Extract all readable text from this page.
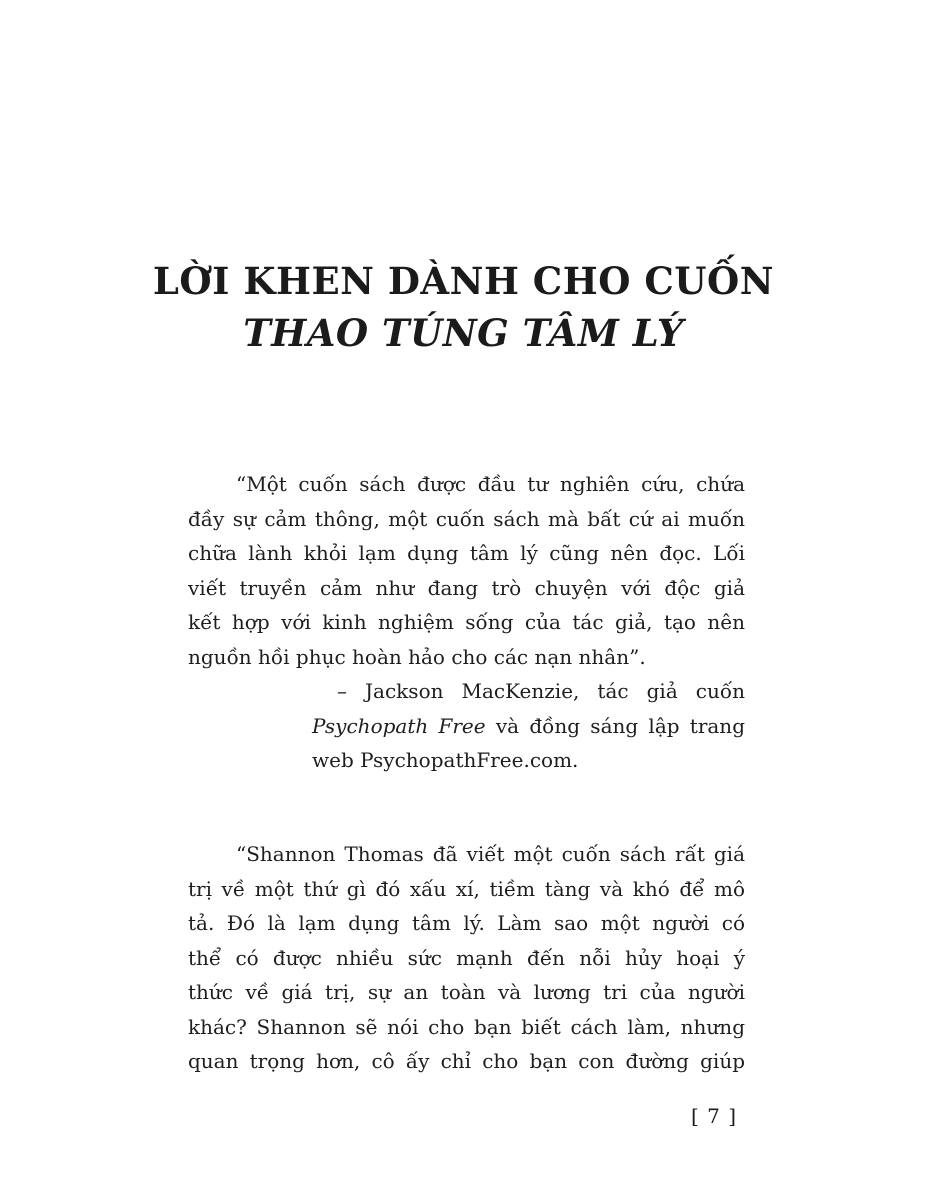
LỜI KHEN DÀNH CHO CUỐN
THAO TÚNG TÂM LÝ
“Một cuốn sách được đầu tư nghiên cứu, chứa
đầy sự cảm thông, một cuốn sách mà bất cứ ai muốn
chữa lành khỏi lạm dụng tâm lý cũng nên đọc. Lối
viết truyền cảm như đang trò chuyện với độc giả
kết hợp với kinh nghiệm sống của tác giả, tạo nên
nguồn hồi phục hoàn hảo cho các nạn nhân”.
– Jackson MacKenzie, tác giả cuốn
Psychopath Free và đồng sáng lập trang
web PsychopathFree.com.
“Shannon Thomas đã viết một cuốn sách rất giá
trị về một thứ gì đó xấu xí, tiềm tàng và khó để mô
tả. Đó là lạm dụng tâm lý. Làm sao một người có
thể có được nhiều sức mạnh đến nỗi hủy hoại ý
thức về giá trị, sự an toàn và lương tri của người
khác? Shannon sẽ nói cho bạn biết cách làm, nhưng
quan trọng hơn, cô ấy chỉ cho bạn con đường giúp
[ 7 ]
